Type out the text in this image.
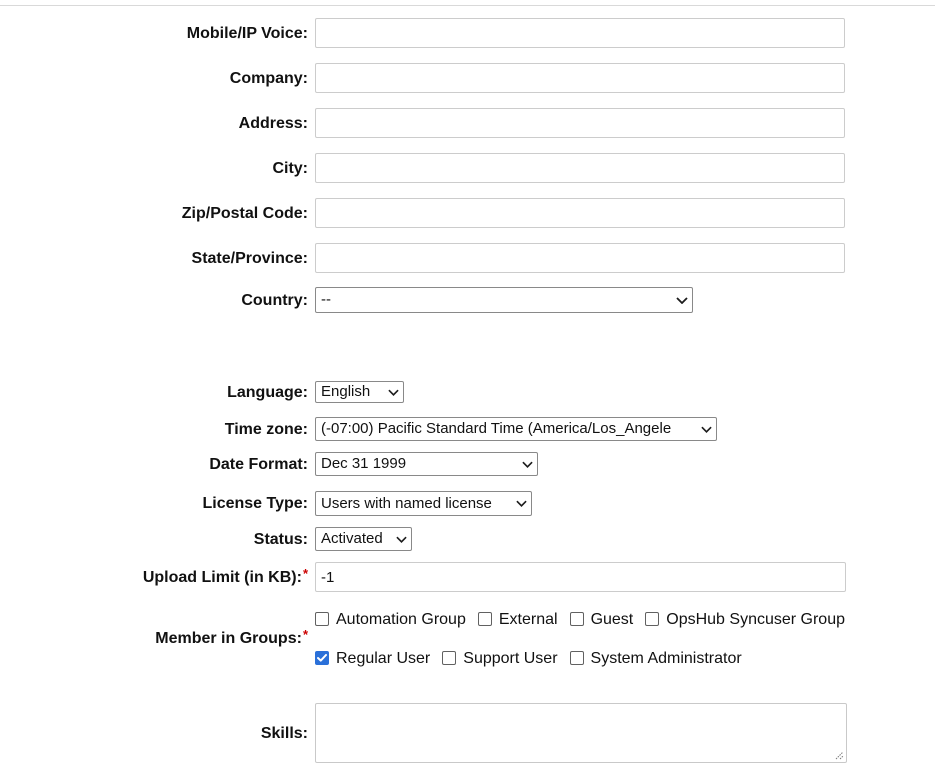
Mobile/IP Voice:
Company:
Address:
City:
Zip/Postal Code:
State/Province:
Country: --
Language: English
Time zone: (-07:00) Pacific Standard Time (America/Los_Angele
Date Format: Dec 31 1999
License Type: Users with named license
Status: Activated
Upload Limit (in KB):*
-1
Member in Groups:*
Automation Group External Guest OpsHub Syncuser Group
Regular User Support User System Administrator
Skills:
